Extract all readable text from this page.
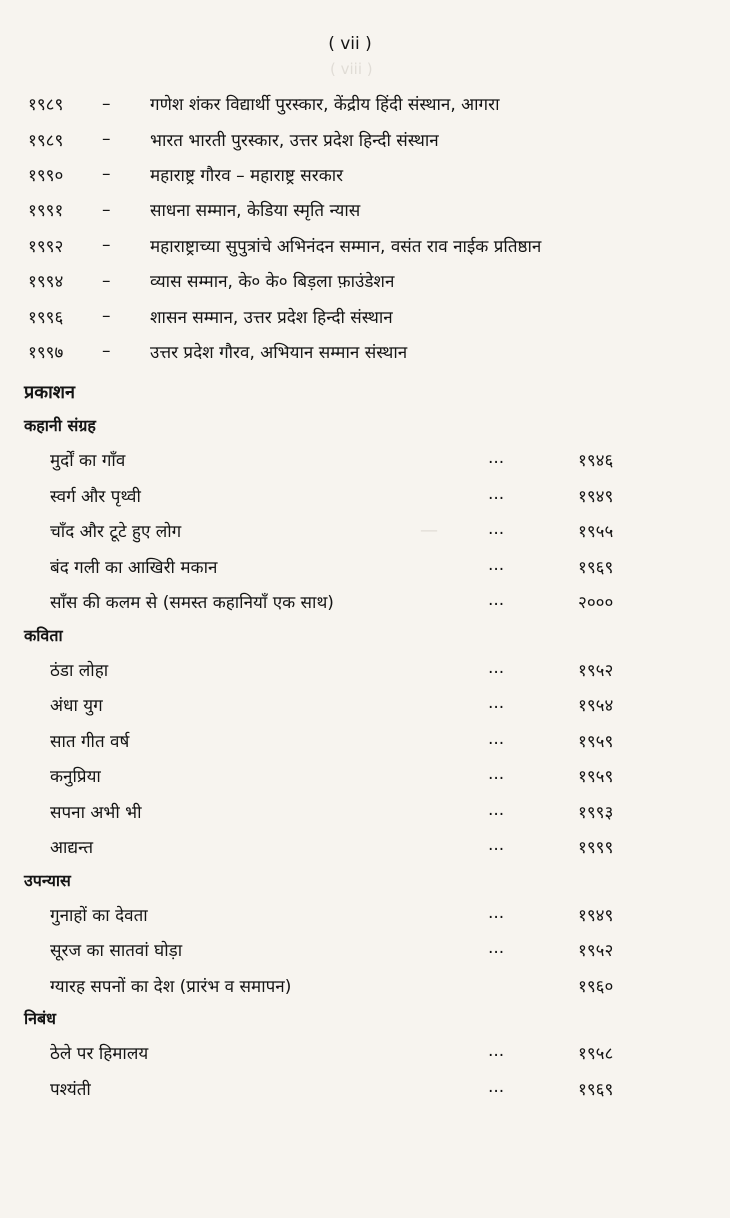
( viii )
—
( vii )
१९८९	–	गणेश शंकर विद्यार्थी पुरस्कार, केंद्रीय हिंदी संस्थान, आगरा
१९८९	–	भारत भारती पुरस्कार, उत्तर प्रदेश हिन्दी संस्थान
१९९०	–	महाराष्ट्र गौरव – महाराष्ट्र सरकार
१९९१	–	साधना सम्मान, केडिया स्मृति न्यास
१९९२	–	महाराष्ट्राच्या सुपुत्रांचे अभिनंदन सम्मान, वसंत राव नाईक प्रतिष्ठान
१९९४	–	व्यास सम्मान, के० के० बिड़ला फ़ाउंडेशन
१९९६	–	शासन सम्मान, उत्तर प्रदेश हिन्दी संस्थान
१९९७	–	उत्तर प्रदेश गौरव, अभियान सम्मान संस्थान
प्रकाशन
कहानी संग्रह
मुर्दों का गाँव	...	१९४६
स्वर्ग और पृथ्वी	...	१९४९
चाँद और टूटे हुए लोग	...	१९५५
बंद गली का आखिरी मकान	...	१९६९
साँस की कलम से (समस्त कहानियाँ एक साथ)	...	२०००
कविता
ठंडा लोहा	...	१९५२
अंधा युग	...	१९५४
सात गीत वर्ष	...	१९५९
कनुप्रिया	...	१९५९
सपना अभी भी	...	१९९३
आद्यन्त	...	१९९९
उपन्यास
गुनाहों का देवता	...	१९४९
सूरज का सातवां घोड़ा	...	१९५२
ग्यारह सपनों का देश (प्रारंभ व समापन)	१९६०
निबंध
ठेले पर हिमालय	...	१९५८
पश्यंती	...	१९६९
